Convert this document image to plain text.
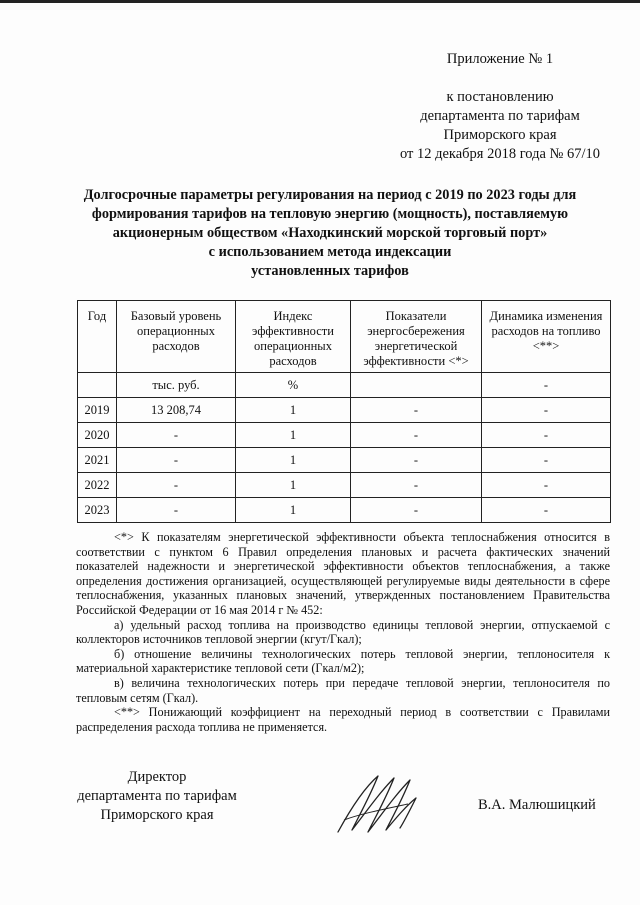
Приложение № 1
к постановлению
департамента по тарифам
Приморского края
от 12 декабря 2018 года № 67/10
Долгосрочные параметры регулирования на период с 2019 по 2023 годы для
формирования тарифов на тепловую энергию (мощность), поставляемую
акционерным обществом «Находкинский морской торговый порт»
с использованием метода индексации
установленных тарифов
Год	Базовый уровень операционных расходов	Индекс эффективности операционных расходов	Показатели энергосбережения энергетической эффективности <*>	Динамика изменения расходов на топливо <**>
	тыс. руб.	%		-
2019	13 208,74	1	-	-
2020	-	1	-	-
2021	-	1	-	-
2022	-	1	-	-
2023	-	1	-	-

<*> К показателям энергетической эффективности объекта теплоснабжения относится в соответствии с пунктом 6 Правил определения плановых и расчета фактических значений показателей надежности и энергетической эффективности объектов теплоснабжения, а также определения достижения организацией, осуществляющей регулируемые виды деятельности в сфере теплоснабжения, указанных плановых значений, утвержденных постановлением Правительства Российской Федерации от 16 мая 2014 г № 452:

а) удельный расход топлива на производство единицы тепловой энергии, отпускаемой с коллекторов источников тепловой энергии (кгут/Гкал);

б) отношение величины технологических потерь тепловой энергии, теплоносителя к материальной характеристике тепловой сети (Гкал/м2);

в) величина технологических потерь при передаче тепловой энергии, теплоносителя по тепловым сетям (Гкал).

<**> Понижающий коэффициент на переходный период в соответствии с Правилами распределения расхода топлива не применяется.

Директор
департамента по тарифам
Приморского края
В.А. Малюшицкий
